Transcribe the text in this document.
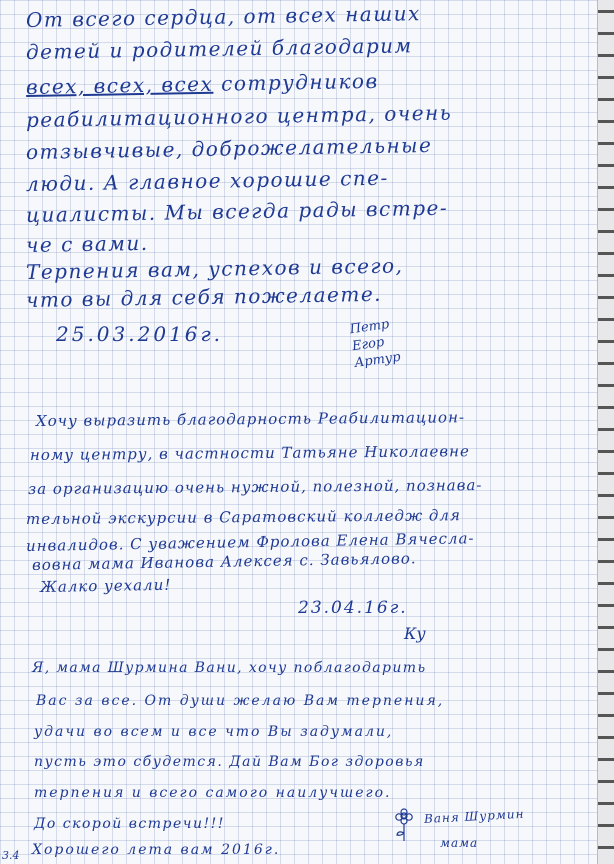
От всего сердца, от всех наших
детей и родителей благодарим
всех, всех, всех сотрудников
реабилитационного центра, очень
отзывчивые, доброжелательные
люди. А главное хорошие спе-
циалисты. Мы всегда рады встре-
че с вами.
Терпения вам, успехов и всего,
что вы для себя пожелаете.
25.03.2016г.	Петр
Егор
Артур
Хочу выразить благодарность Реабилитацион-
ному центру, в частности Татьяне Николаевне
за организацию очень нужной, полезной, познава-
тельной экскурсии в Саратовский колледж для
инвалидов. С уважением Фролова Елена Вячесла-
вовна мама Иванова Алексея с. Завьялово.
Жалко уехали!
23.04.16г.
Ку
Я, мама Шурмина Вани, хочу поблагодарить
Вас за все. От души желаю Вам терпения,
удачи во всем и все что Вы задумали,
пусть это сбудется. Дай Вам Бог здоровья
терпения и всего самого наилучшего.
До скорой встречи!!!	Ваня Шурмин
мама
Хорошего лета вам 2016г.
3.4
